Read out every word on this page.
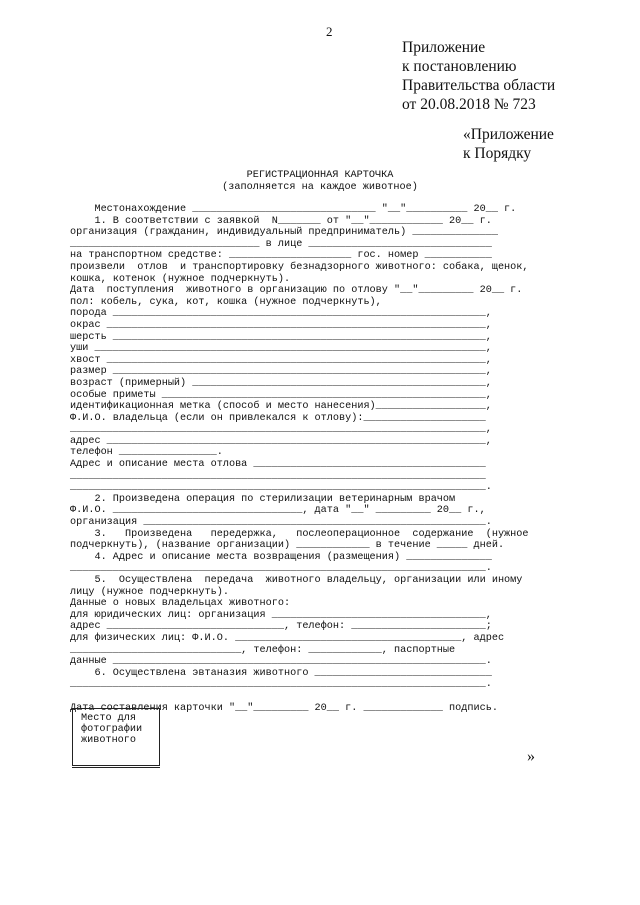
2
Приложение
к постановлению
Правительства области
от 20.08.2018 № 723
«Приложение
к Порядку
РЕГИСТРАЦИОННАЯ КАРТОЧКА
(заполняется на каждое животное)
Местонахождение ______________________________ "__"__________ 20__ г.
1. В соответствии с заявкой  N_______ от "__"____________ 20__ г.
организация (гражданин, индивидуальный предприниматель) ______________
_______________________________ в лице ______________________________
на транспортном средстве: ____________________ гос. номер ___________
произвели  отлов  и транспортировку безнадзорного животного: собака, щенок,
кошка, котенок (нужное подчеркнуть).
Дата  поступления  животного в организацию по отлову "__"_________ 20__ г.
пол: кобель, сука, кот, кошка (нужное подчеркнуть),
порода _____________________________________________________________,
окрас ______________________________________________________________,
шерсть _____________________________________________________________,
уши ________________________________________________________________,
хвост ______________________________________________________________,
размер _____________________________________________________________,
возраст (примерный) ________________________________________________,
особые приметы _____________________________________________________,
идентификационная метка (способ и место нанесения)__________________,
Ф.И.О. владельца (если он привлекался к отлову):____________________
____________________________________________________________________,
адрес ______________________________________________________________,
телефон ________________.
Адрес и описание места отлова ______________________________________
____________________________________________________________________
____________________________________________________________________.
2. Произведена операция по стерилизации ветеринарным врачом
Ф.И.О. _______________________________, дата "__" _________ 20__ г.,
организация ________________________________________________________.
3.   Произведена   передержка,   послеоперационное  содержание  (нужное
подчеркнуть), (название организации) ____________ в течение _____ дней.
4. Адрес и описание места возвращения (размещения) ______________
____________________________________________________________________.
5.  Осуществлена  передача  животного владельцу, организации или иному
лицу (нужное подчеркнуть).
Данные о новых владельцах животного:
для юридических лиц: организация ___________________________________,
адрес _____________________________, телефон: ______________________;
для физических лиц: Ф.И.О. _____________________________________, адрес
____________________________, телефон: ____________, паспортные
данные _____________________________________________________________.
6. Осуществлена эвтаназия животного _____________________________
____________________________________________________________________.
Дата составления карточки "__"_________ 20__ г. _____________ подпись.
Место для
фотографии
животного
»
